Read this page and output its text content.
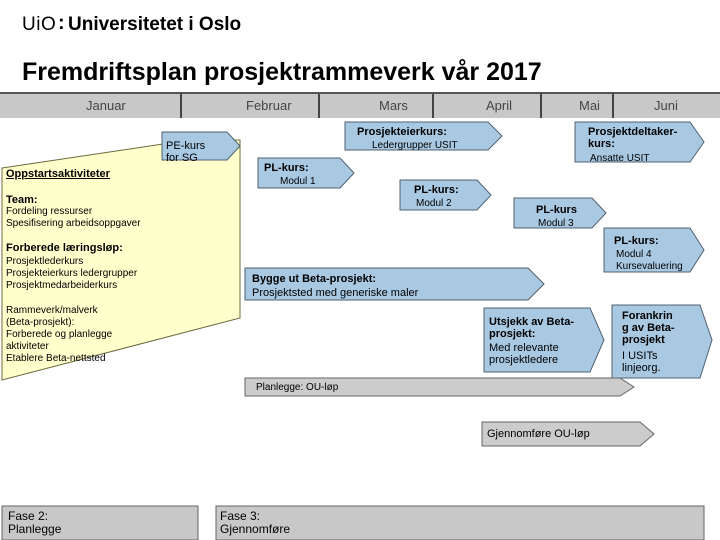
UiO : Universitetet i Oslo
Fremdriftsplan prosjektrammeverk vår 2017
Januar	Februar	Mars	April	Mai	Juni
Oppstartsaktiviteter
Team:
Fordeling ressurser
Spesifisering arbeidsoppgaver
Forberede læringsløp:
Prosjektlederkurs
Prosjekteierkurs ledergrupper
Prosjektmedarbeiderkurs
Rammeverk/malverk
(Beta-prosjekt):
Forberede og planlegge
aktiviteter
Etablere Beta-nettsted
PE-kurs
for SG
Prosjekteierkurs:
Ledergrupper USIT
Prosjektdeltaker-
kurs:
Ansatte USIT
PL-kurs:
Modul 1
PL-kurs:
Modul 2
PL-kurs
Modul 3
PL-kurs:
Modul 4
Kursevaluering
Bygge ut Beta-prosjekt:
Prosjektsted med generiske maler
Utsjekk av Beta-
prosjekt:
Med relevante
prosjektledere
Forankrin
g av Beta-
prosjekt
I USITs
linjeorg.
Planlegge: OU-løp
Gjennomføre OU-løp
Fase 2:
Planlegge
Fase 3:
Gjennomføre
